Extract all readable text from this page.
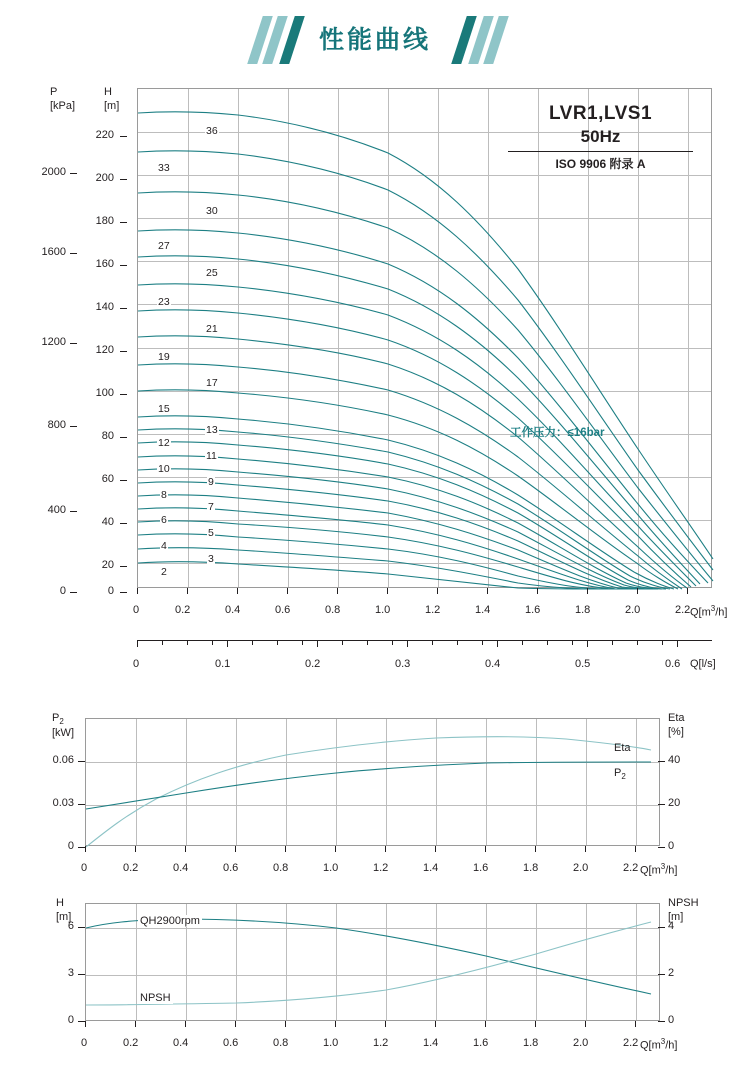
性能曲线
LVR1,LVS1
50Hz
ISO 9906 附录 A
工作压力：≤16bar
36
33
30
27
25
23
21
19
17
15
13
12
11
10
9
8
7
6
5
4
3
2
P
[kPa]
H
[m]
2000
1600
1200
800
400
0
220
200
180
160
140
120
100
80
60
40
20
0
0	0.2	0.4	0.6	0.8	1.0	1.2	1.4	1.6	1.8	2.0	2.2 $Q[m^3/h]$
0	0.1	0.2	0.3	0.4	0.5	0.6 Q[l/s]
Eta
$P_2$
$P_2$
[kW]
Eta
[%]
0.06
0.03
0
40
20
0
0	0.2	0.4	0.6	0.8	1.0	1.2	1.4	1.6	1.8	2.0	2.2 $Q[m^3/h]$
QH2900rpm
NPSH
H
[m]
NPSH
[m]
6
3
0
4
2
0
0	0.2	0.4	0.6	0.8	1.0	1.2	1.4	1.6	1.8	2.0	2.2 $Q[m^3/h]$
